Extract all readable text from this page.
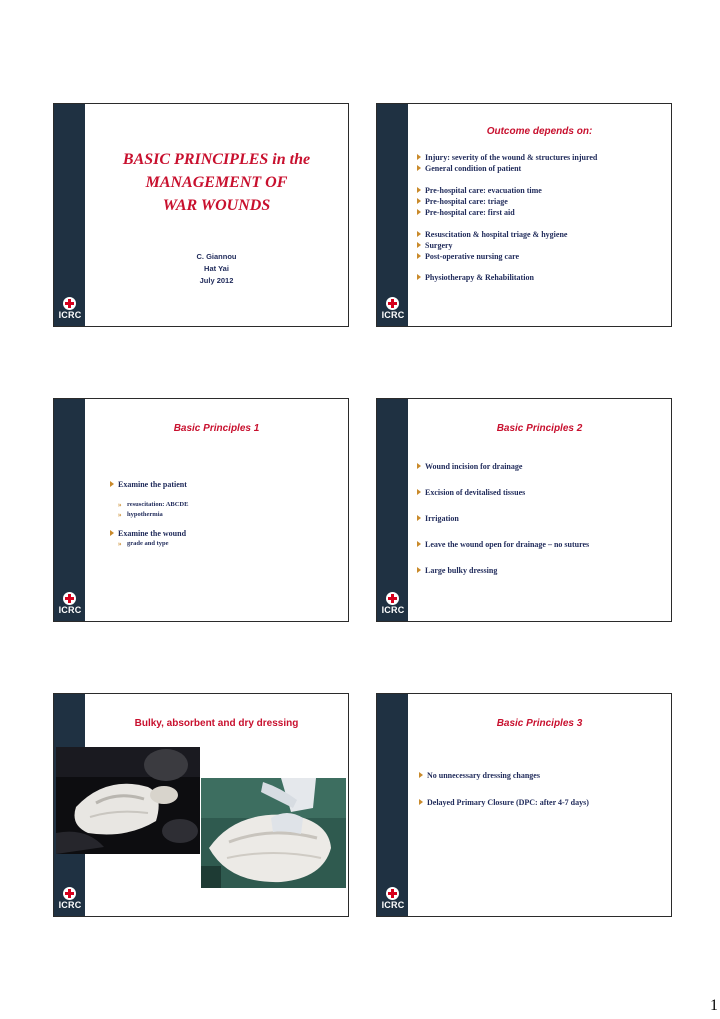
ICRC
BASIC PRINCIPLES in the
MANAGEMENT OF
WAR WOUNDS
C. Giannou
Hat Yai
July 2012
ICRC
Outcome depends on:
Injury: severity of the wound & structures injured
General condition of patient
Pre-hospital care: evacuation time
Pre-hospital care: triage
Pre-hospital care: first aid
Resuscitation & hospital triage & hygiene
Surgery
Post-operative nursing care
Physiotherapy & Rehabilitation
ICRC
Basic Principles 1
Examine the patient
» resuscitation: ABCDE
» hypothermia
Examine the wound
» grade and type
ICRC
Basic Principles 2
Wound incision for drainage
Excision of devitalised tissues
Irrigation
Leave the wound open for drainage – no sutures
Large bulky dressing
ICRC
Bulky, absorbent and dry dressing
ICRC
Basic Principles 3
No unnecessary dressing changes
Delayed Primary Closure (DPC: after 4-7 days)
1
